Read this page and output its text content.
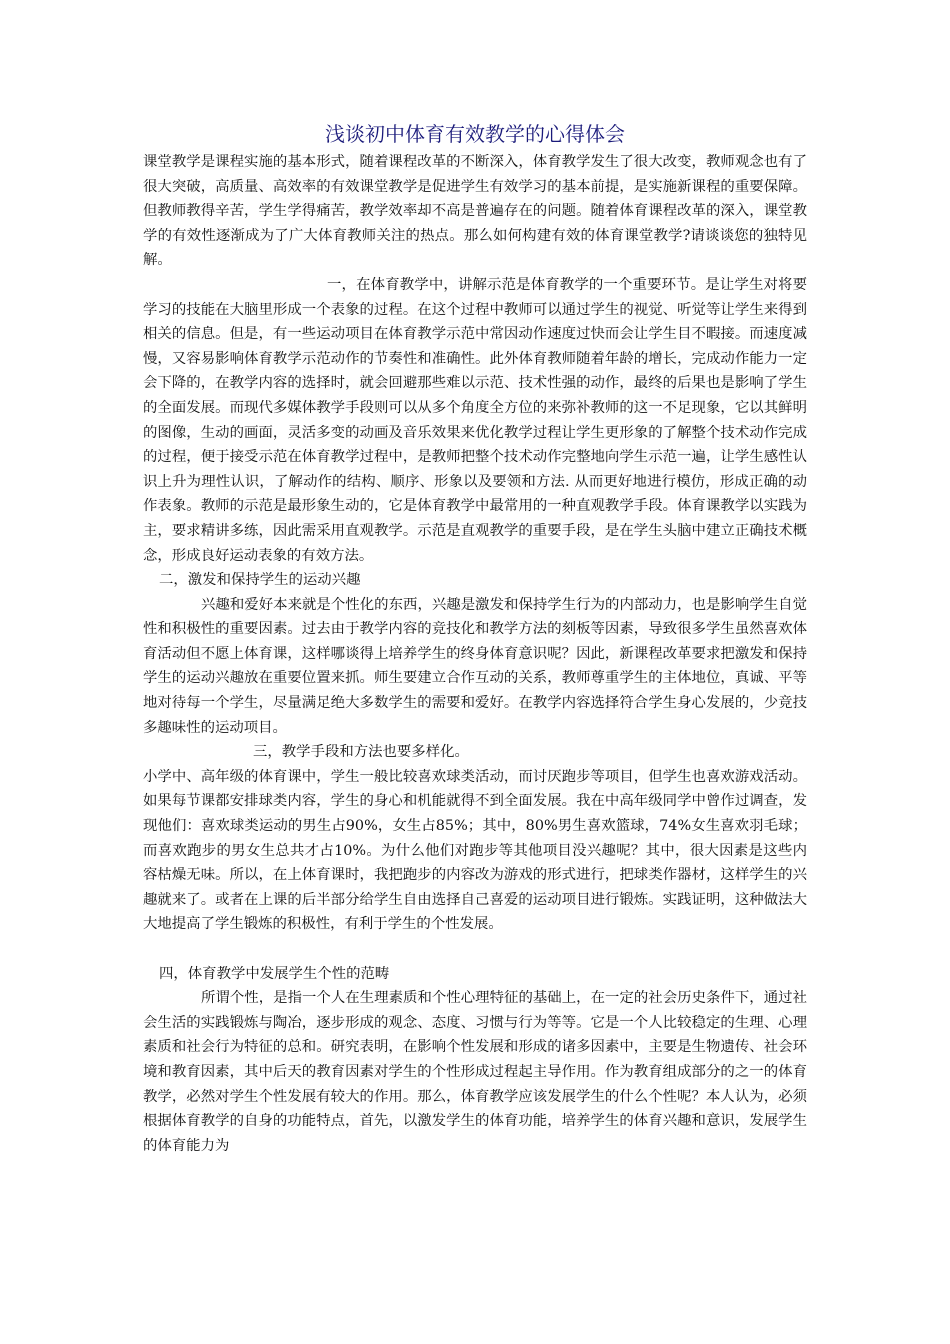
浅谈初中体育有效教学的心得体会

课堂教学是课程实施的基本形式，随着课程改革的不断深入，体育教学发生了很大改变，教师观念也有了很大突破，高质量、高效率的有效课堂教学是促进学生有效学习的基本前提，是实施新课程的重要保障。但教师教得辛苦，学生学得痛苦，教学效率却不高是普遍存在的问题。随着体育课程改革的深入，课堂教学的有效性逐渐成为了广大体育教师关注的热点。那么如何构建有效的体育课堂教学?请谈谈您的独特见解。

一，在体育教学中，讲解示范是体育教学的一个重要环节。是让学生对将要学习的技能在大脑里形成一个表象的过程。在这个过程中教师可以通过学生的视觉、听觉等让学生来得到相关的信息。但是，有一些运动项目在体育教学示范中常因动作速度过快而会让学生目不暇接。而速度减慢，又容易影响体育教学示范动作的节奏性和准确性。此外体育教师随着年龄的增长，完成动作能力一定会下降的，在教学内容的选择时，就会回避那些难以示范、技术性强的动作，最终的后果也是影响了学生的全面发展。而现代多媒体教学手段则可以从多个角度全方位的来弥补教师的这一不足现象，它以其鲜明的图像，生动的画面，灵活多变的动画及音乐效果来优化教学过程让学生更形象的了解整个技术动作完成的过程，便于接受示范在体育教学过程中，是教师把整个技术动作完整地向学生示范一遍，让学生感性认识上升为理性认识，了解动作的结构、顺序、形象以及要领和方法. 从而更好地进行模仿，形成正确的动作表象。教师的示范是最形象生动的，它是体育教学中最常用的一种直观教学手段。体育课教学以实践为主，要求精讲多练，因此需采用直观教学。示范是直观教学的重要手段，是在学生头脑中建立正确技术概念，形成良好运动表象的有效方法。

二，激发和保持学生的运动兴趣

兴趣和爱好本来就是个性化的东西，兴趣是激发和保持学生行为的内部动力，也是影响学生自觉性和积极性的重要因素。过去由于教学内容的竞技化和教学方法的刻板等因素，导致很多学生虽然喜欢体育活动但不愿上体育课，这样哪谈得上培养学生的终身体育意识呢？因此，新课程改革要求把激发和保持学生的运动兴趣放在重要位置来抓。师生要建立合作互动的关系，教师尊重学生的主体地位，真诚、平等地对待每一个学生，尽量满足绝大多数学生的需要和爱好。在教学内容选择符合学生身心发展的，少竞技多趣味性的运动项目。

三，教学手段和方法也要多样化。

小学中、高年级的体育课中，学生一般比较喜欢球类活动，而讨厌跑步等项目，但学生也喜欢游戏活动。如果每节课都安排球类内容，学生的身心和机能就得不到全面发展。我在中高年级同学中曾作过调查，发现他们：喜欢球类运动的男生占90%，女生占85%；其中，80%男生喜欢篮球，74%女生喜欢羽毛球；而喜欢跑步的男女生总共才占10%。为什么他们对跑步等其他项目没兴趣呢？其中，很大因素是这些内容枯燥无味。所以，在上体育课时，我把跑步的内容改为游戏的形式进行，把球类作器材，这样学生的兴趣就来了。或者在上课的后半部分给学生自由选择自己喜爱的运动项目进行锻炼。实践证明，这种做法大大地提高了学生锻炼的积极性，有利于学生的个性发展。

四，体育教学中发展学生个性的范畴

所谓个性，是指一个人在生理素质和个性心理特征的基础上，在一定的社会历史条件下，通过社会生活的实践锻炼与陶冶，逐步形成的观念、态度、习惯与行为等等。它是一个人比较稳定的生理、心理素质和社会行为特征的总和。研究表明，在影响个性发展和形成的诸多因素中，主要是生物遗传、社会环境和教育因素，其中后天的教育因素对学生的个性形成过程起主导作用。作为教育组成部分的之一的体育教学，必然对学生个性发展有较大的作用。那么，体育教学应该发展学生的什么个性呢？本人认为，必须根据体育教学的自身的功能特点，首先，以激发学生的体育功能，培养学生的体育兴趣和意识，发展学生的体育能力为
